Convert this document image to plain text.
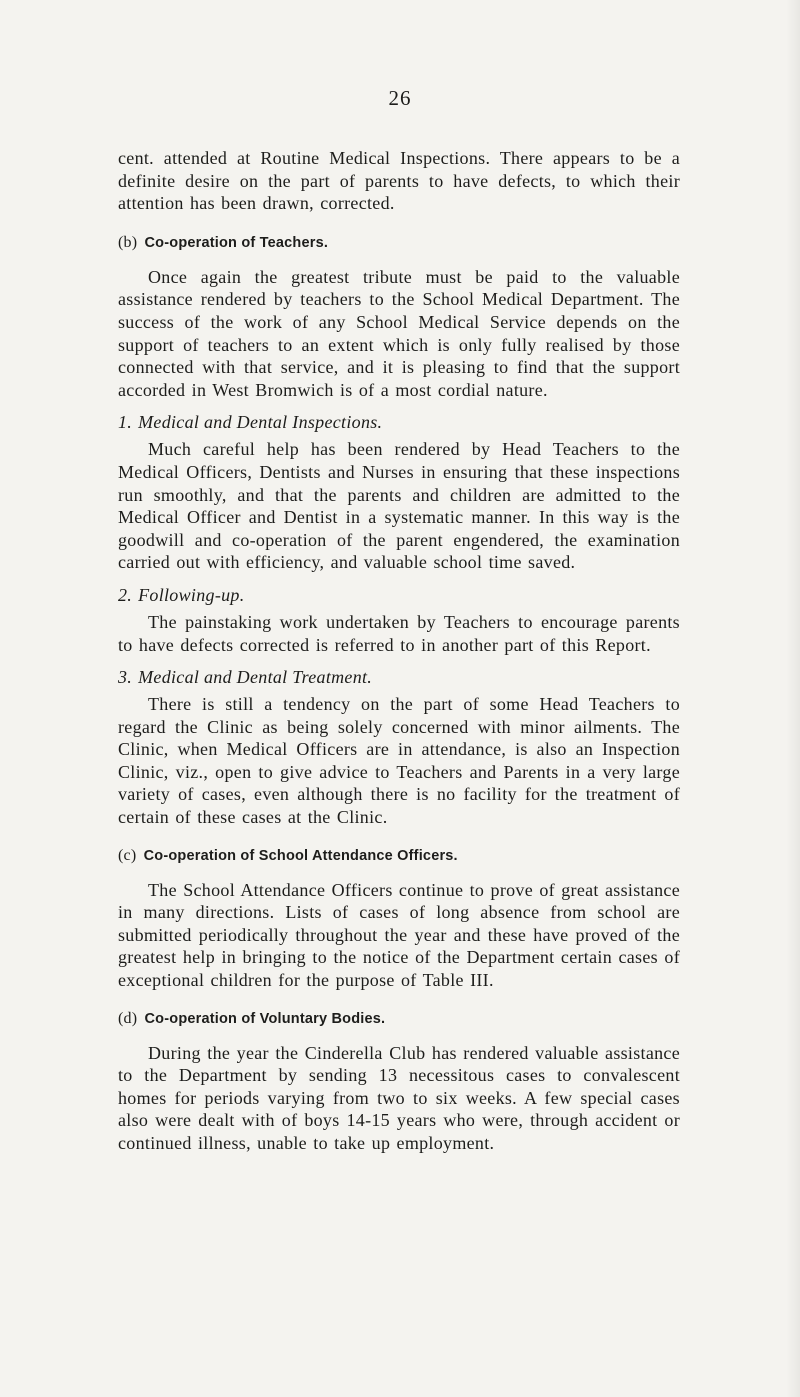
26

cent. attended at Routine Medical Inspections. There appears to be a definite desire on the part of parents to have defects, to which their attention has been drawn, corrected.

(b) Co-operation of Teachers.

Once again the greatest tribute must be paid to the valuable assistance rendered by teachers to the School Medical Department. The success of the work of any School Medical Service depends on the support of teachers to an extent which is only fully realised by those connected with that service, and it is pleasing to find that the support accorded in West Bromwich is of a most cordial nature.

1. Medical and Dental Inspections.

Much careful help has been rendered by Head Teachers to the Medical Officers, Dentists and Nurses in ensuring that these inspections run smoothly, and that the parents and children are admitted to the Medical Officer and Dentist in a systematic manner. In this way is the goodwill and co-operation of the parent engendered, the examination carried out with efficiency, and valuable school time saved.

2. Following-up.

The painstaking work undertaken by Teachers to encourage parents to have defects corrected is referred to in another part of this Report.

3. Medical and Dental Treatment.

There is still a tendency on the part of some Head Teachers to regard the Clinic as being solely concerned with minor ailments. The Clinic, when Medical Officers are in attendance, is also an Inspection Clinic, viz., open to give advice to Teachers and Parents in a very large variety of cases, even although there is no facility for the treatment of certain of these cases at the Clinic.

(c) Co-operation of School Attendance Officers.

The School Attendance Officers continue to prove of great assistance in many directions. Lists of cases of long absence from school are submitted periodically throughout the year and these have proved of the greatest help in bringing to the notice of the Department certain cases of exceptional children for the purpose of Table III.

(d) Co-operation of Voluntary Bodies.

During the year the Cinderella Club has rendered valuable assistance to the Department by sending 13 necessitous cases to convalescent homes for periods varying from two to six weeks. A few special cases also were dealt with of boys 14-15 years who were, through accident or continued illness, unable to take up employment.
